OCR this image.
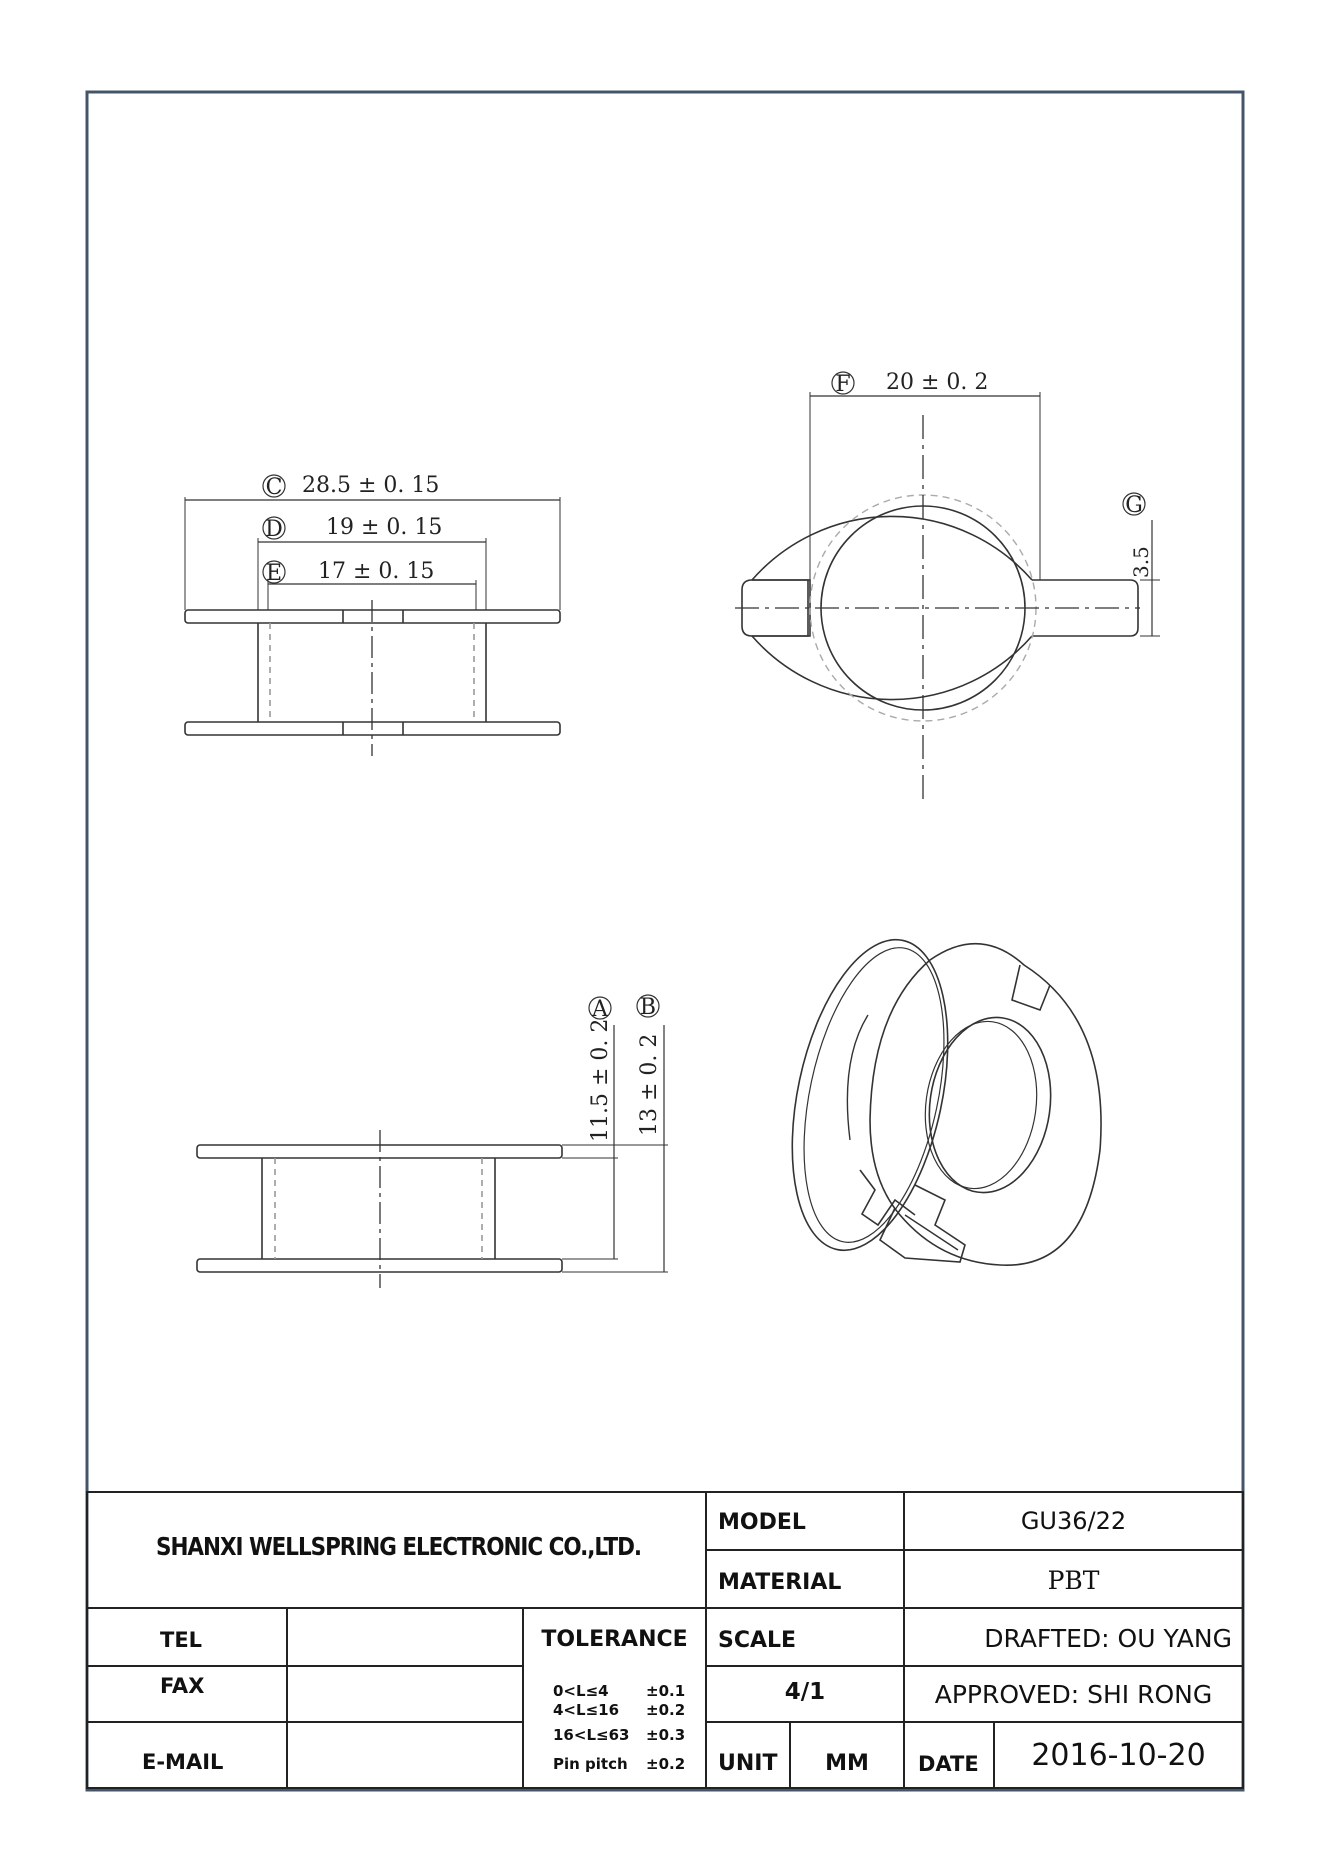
C 28.5 ± 0. 15
D 19 ± 0. 15
E 17 ± 0. 15
F 20 ± 0. 2
G
3.5
A
11.5 ± 0. 2
B
13 ± 0. 2
SHANXI WELLSPRING ELECTRONIC CO.,LTD.
MODEL	GU36/22
MATERIAL	PBT
TEL
FAX
E-MAIL
TOLERANCE
0<L≤4 ±0.1
4<L≤16 ±0.2
16<L≤63 ±0.3
Pin pitch ±0.2
SCALE
4/1
DRAFTED: OU YANG
APPROVED: SHI RONG
UNIT	MM	DATE	2016-10-20
